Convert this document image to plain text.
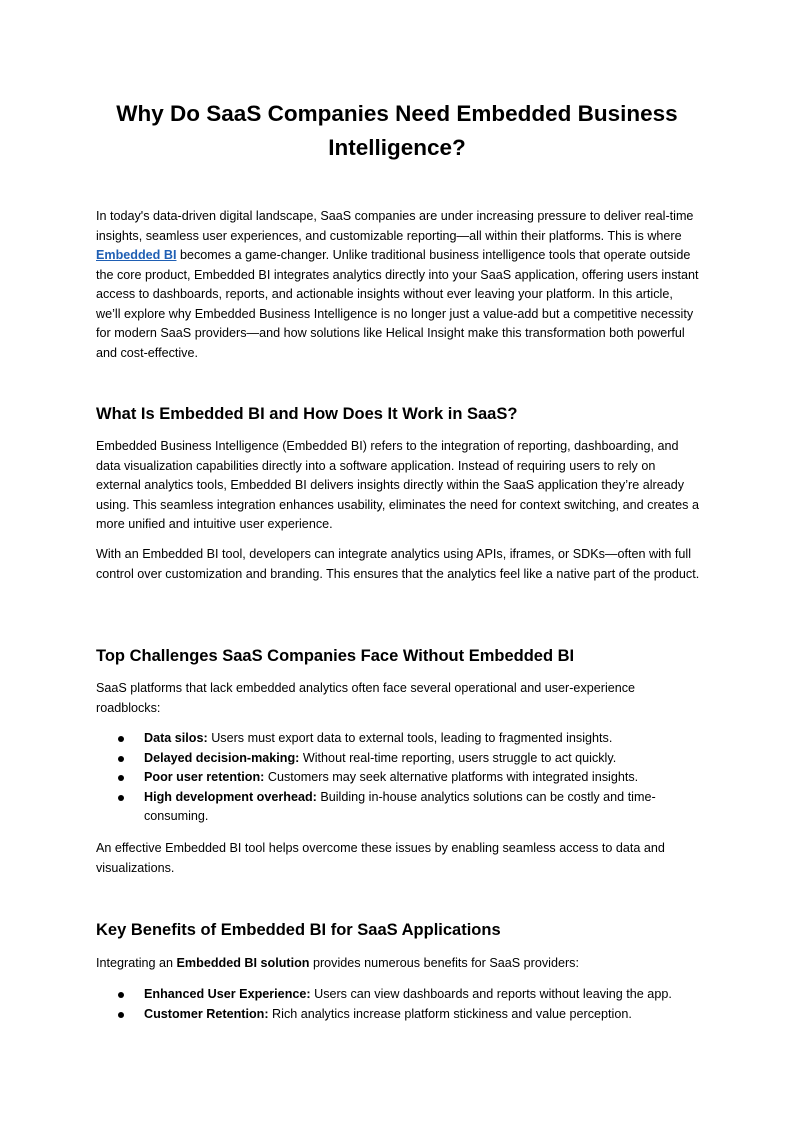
Why Do SaaS Companies Need Embedded Business Intelligence?

In today's data-driven digital landscape, SaaS companies are under increasing pressure to deliver real-time insights, seamless user experiences, and customizable reporting—all within their platforms. This is where Embedded BI becomes a game-changer. Unlike traditional business intelligence tools that operate outside the core product, Embedded BI integrates analytics directly into your SaaS application, offering users instant access to dashboards, reports, and actionable insights without ever leaving your platform. In this article, we’ll explore why Embedded Business Intelligence is no longer just a value-add but a competitive necessity for modern SaaS providers—and how solutions like Helical Insight make this transformation both powerful and cost-effective.

What Is Embedded BI and How Does It Work in SaaS?

Embedded Business Intelligence (Embedded BI) refers to the integration of reporting, dashboarding, and data visualization capabilities directly into a software application. Instead of requiring users to rely on external analytics tools, Embedded BI delivers insights directly within the SaaS application they’re already using. This seamless integration enhances usability, eliminates the need for context switching, and creates a more unified and intuitive user experience.

With an Embedded BI tool, developers can integrate analytics using APIs, iframes, or SDKs—often with full control over customization and branding. This ensures that the analytics feel like a native part of the product.

Top Challenges SaaS Companies Face Without Embedded BI

SaaS platforms that lack embedded analytics often face several operational and user-experience roadblocks:

Data silos: Users must export data to external tools, leading to fragmented insights.
Delayed decision-making: Without real-time reporting, users struggle to act quickly.
Poor user retention: Customers may seek alternative platforms with integrated insights.
High development overhead: Building in-house analytics solutions can be costly and time-consuming.

An effective Embedded BI tool helps overcome these issues by enabling seamless access to data and visualizations.

Key Benefits of Embedded BI for SaaS Applications

Integrating an Embedded BI solution provides numerous benefits for SaaS providers:

Enhanced User Experience: Users can view dashboards and reports without leaving the app.
Customer Retention: Rich analytics increase platform stickiness and value perception.
